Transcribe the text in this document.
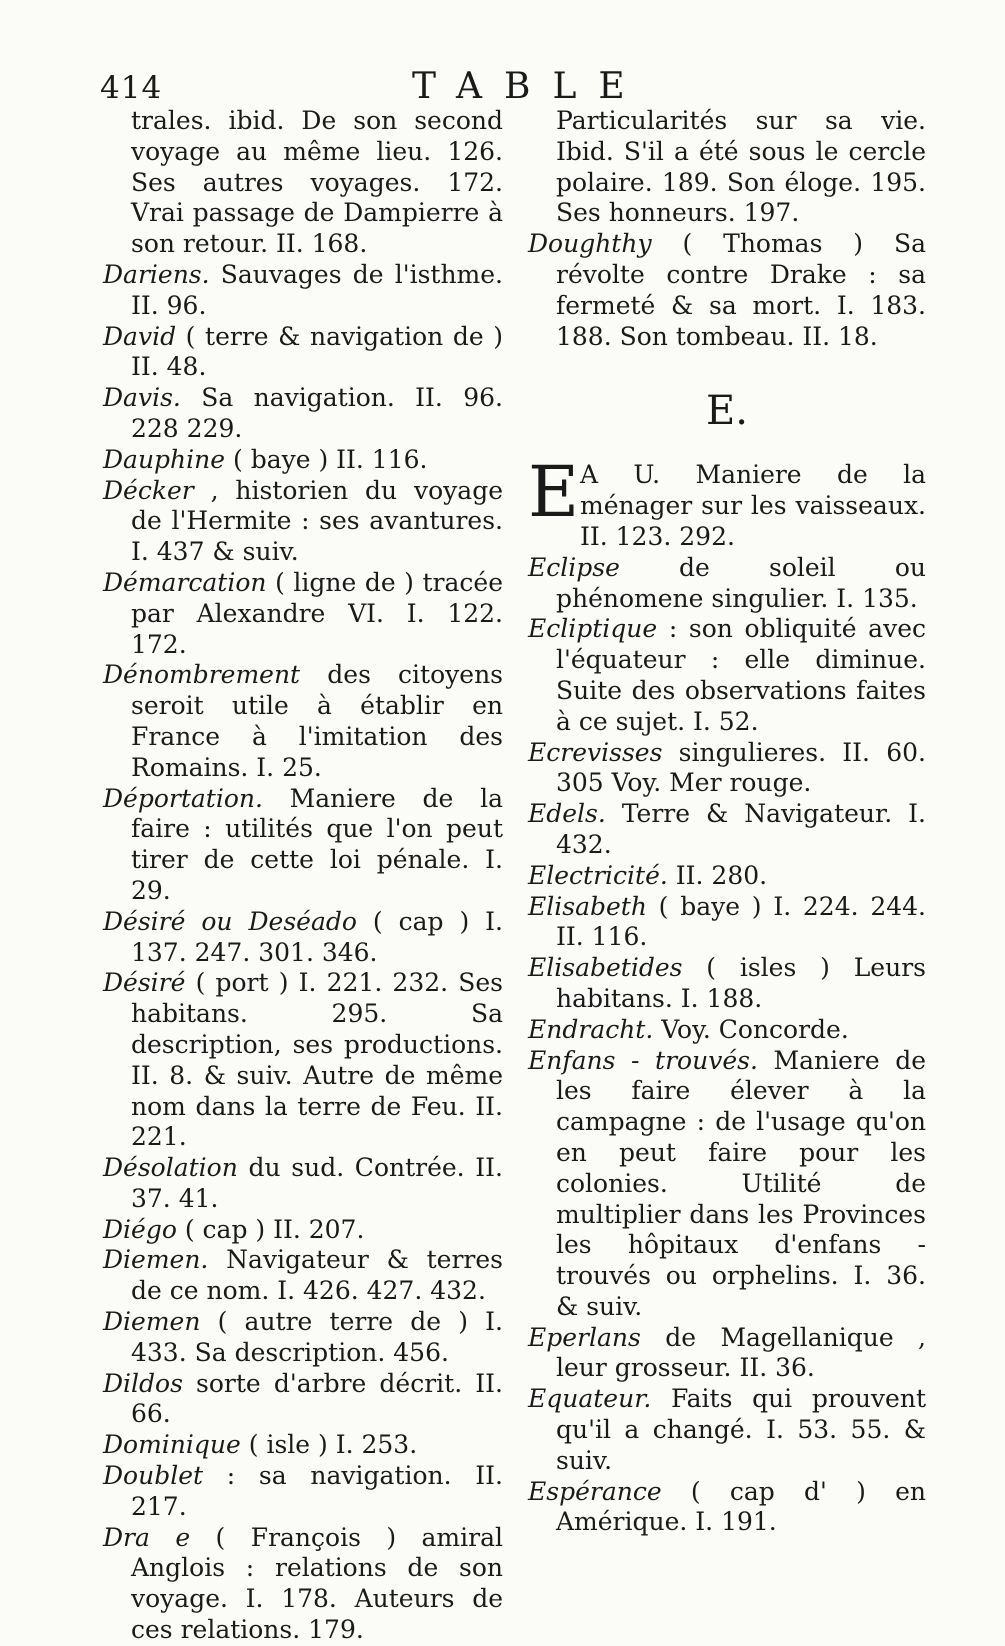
414	TABLE

trales. ibid. De son second voyage au même lieu. 126. Ses autres voyages. 172. Vrai passage de Dampierre à son retour. II. 168.

Dariens. Sauvages de l'isthme. II. 96.

David ( terre & navigation de ) II. 48.

Davis. Sa navigation. II. 96. 228 229.

Dauphine ( baye ) II. 116.

Décker , historien du voyage de l'Hermite : ses avantures. I. 437 & suiv.

Démarcation ( ligne de ) tracée par Alexandre VI. I. 122. 172.

Dénombrement des citoyens seroit utile à établir en France à l'imitation des Romains. I. 25.

Déportation. Maniere de la faire : utilités que l'on peut tirer de cette loi pénale. I. 29.

Désiré ou Deséado ( cap ) I. 137. 247. 301. 346.

Désiré ( port ) I. 221. 232. Ses habitans. 295. Sa description, ses productions. II. 8. & suiv. Autre de même nom dans la terre de Feu. II. 221.

Désolation du sud. Contrée. II. 37. 41.

Diégo ( cap ) II. 207.

Diemen. Navigateur & terres de ce nom. I. 426. 427. 432.

Diemen ( autre terre de ) I. 433. Sa description. 456.

Dildos sorte d'arbre décrit. II. 66.

Dominique ( isle ) I. 253.

Doublet : sa navigation. II. 217.

Dra e ( François ) amiral Anglois : relations de son voyage. I. 178. Auteurs de ces relations. 179.

Particularités sur sa vie. Ibid. S'il a été sous le cercle polaire. 189. Son éloge. 195. Ses honneurs. 197.

Doughthy ( Thomas ) Sa révolte contre Drake : sa fermeté & sa mort. I. 183. 188. Son tombeau. II. 18.

E.

E A U. Maniere de la ménager sur les vaisseaux. II. 123. 292.

Eclipse de soleil ou phénomene singulier. I. 135.

Ecliptique : son obliquité avec l'équateur : elle diminue. Suite des observations faites à ce sujet. I. 52.

Ecrevisses singulieres. II. 60. 305 Voy. Mer rouge.

Edels. Terre & Navigateur. I. 432.

Electricité. II. 280.

Elisabeth ( baye ) I. 224. 244. II. 116.

Elisabetides ( isles ) Leurs habitans. I. 188.

Endracht. Voy. Concorde.

Enfans - trouvés. Maniere de les faire élever à la campagne : de l'usage qu'on en peut faire pour les colonies. Utilité de multiplier dans les Provinces les hôpitaux d'enfans - trouvés ou orphelins. I. 36. & suiv.

Eperlans de Magellanique , leur grosseur. II. 36.

Equateur. Faits qui prouvent qu'il a changé. I. 53. 55. & suiv.

Espérance ( cap d' ) en Amérique. I. 191.
